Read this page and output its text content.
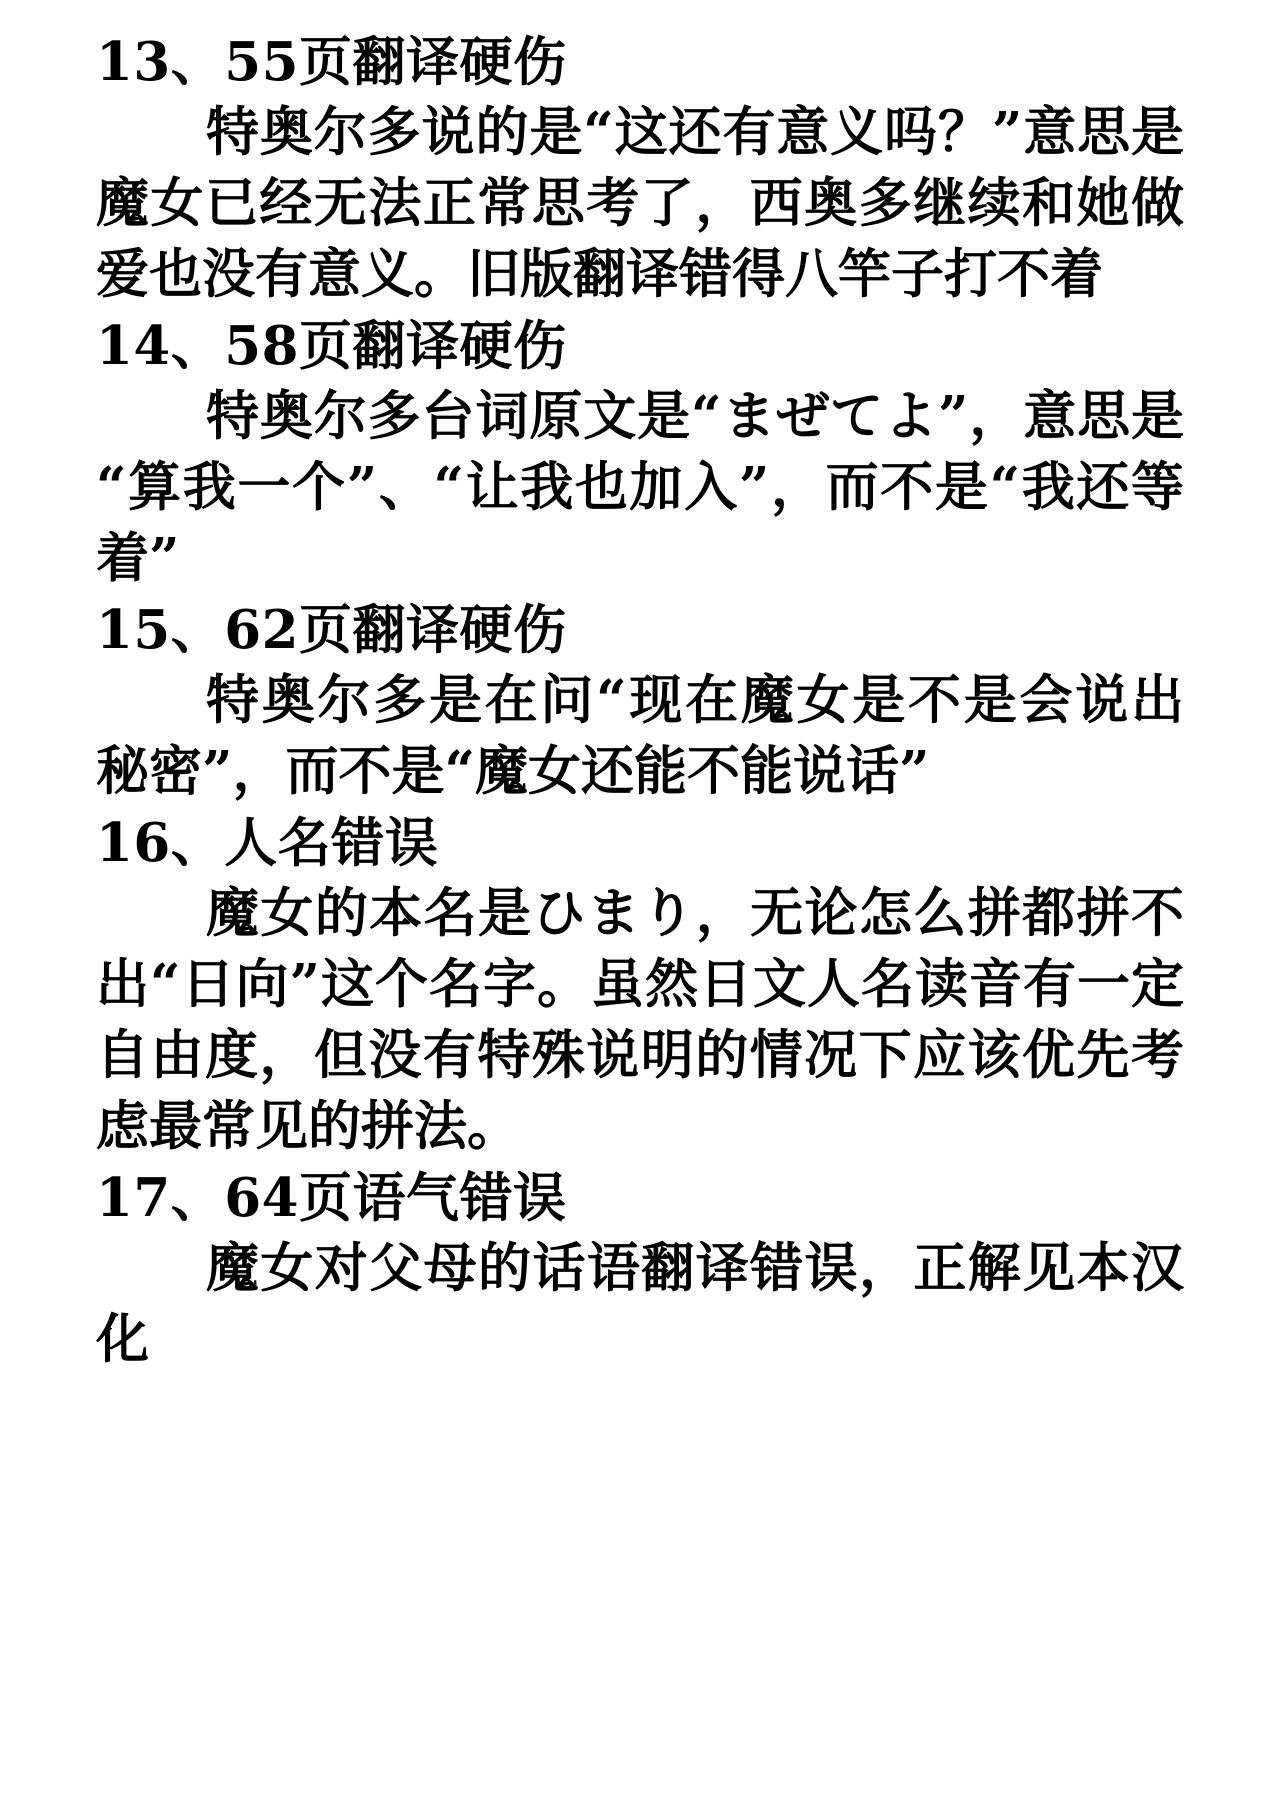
13、55页翻译硬伤

特奥尔多说的是“这还有意义吗？”意思是魔女已经无法正常思考了，西奥多继续和她做爱也没有意义。旧版翻译错得八竿子打不着

14、58页翻译硬伤

特奥尔多台词原文是“まぜてよ”，意思是“算我一个”、“让我也加入”，而不是“我还等着”

15、62页翻译硬伤

特奥尔多是在问“现在魔女是不是会说出秘密”，而不是“魔女还能不能说话”

16、人名错误

魔女的本名是ひまり，无论怎么拼都拼不出“日向”这个名字。虽然日文人名读音有一定自由度，但没有特殊说明的情况下应该优先考虑最常见的拼法。

17、64页语气错误

魔女对父母的话语翻译错误，正解见本汉化
